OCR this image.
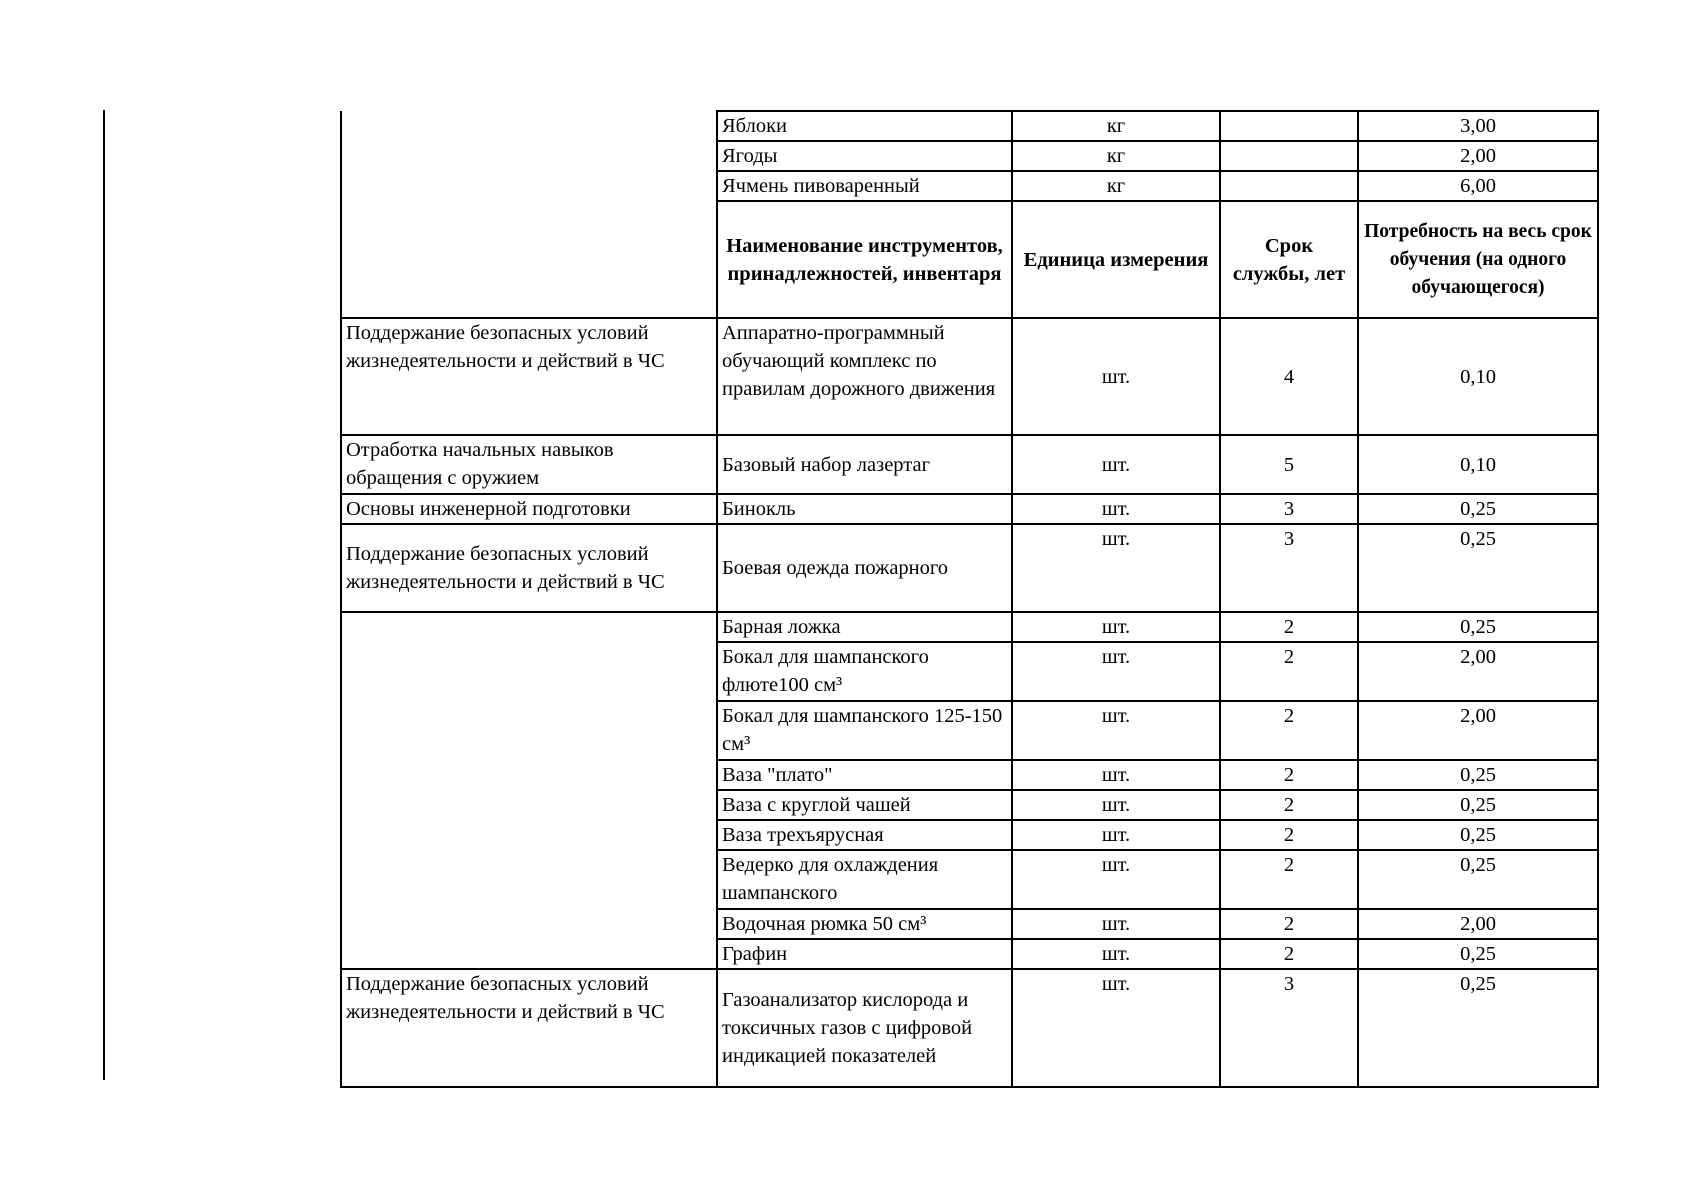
	Яблоки	кг		3,00
	Ягоды	кг		2,00
	Ячмень пивоваренный	кг		6,00
	Наименование инструментов, принадлежностей, инвентаря	Единица измерения	Срок службы, лет	Потребность на весь срок обучения (на одного обучающегося)
Поддержание безопасных условий жизнедеятельности и действий в ЧС	Аппаратно-программный обучающий комплекс по правилам дорожного движения	шт.	4	0,10
Отработка начальных навыков обращения с оружием	Базовый набор лазертаг	шт.	5	0,10
Основы инженерной подготовки	Бинокль	шт.	3	0,25
Поддержание безопасных условий жизнедеятельности и действий в ЧС	Боевая одежда пожарного	шт.	3	0,25
	Барная ложка	шт.	2	0,25
	Бокал для шампанского флюте100 см³	шт.	2	2,00
	Бокал для шампанского 125-150 см³	шт.	2	2,00
	Ваза "плато"	шт.	2	0,25
	Ваза с круглой чашей	шт.	2	0,25
	Ваза трехъярусная	шт.	2	0,25
	Ведерко для охлаждения шампанского	шт.	2	0,25
	Водочная рюмка 50 см³	шт.	2	2,00
	Графин	шт.	2	0,25
Поддержание безопасных условий жизнедеятельности и действий в ЧС	Газоанализатор кислорода и токсичных газов с цифровой индикацией показателей	шт.	3	0,25
